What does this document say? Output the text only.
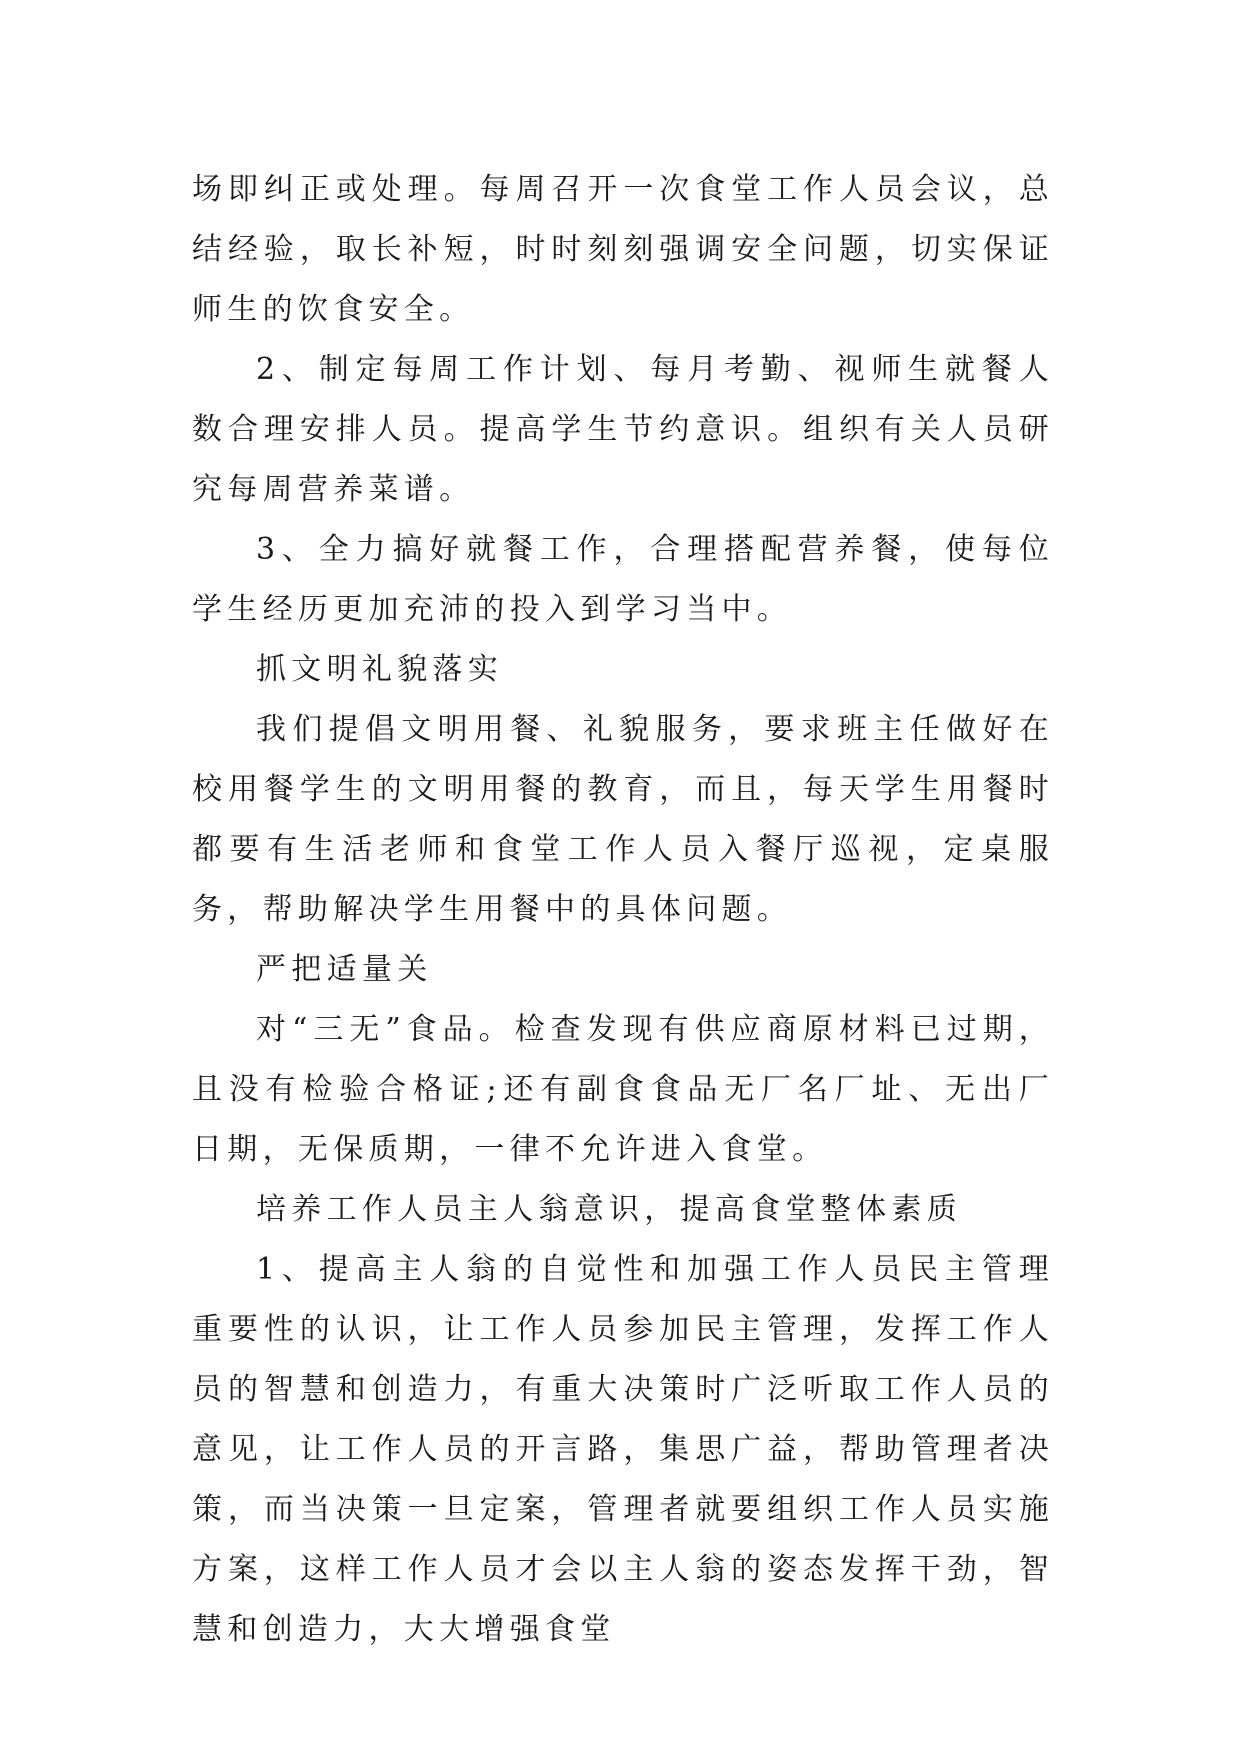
场即纠正或处理。每周召开一次食堂工作人员会议，总结经验，取长补短，时时刻刻强调安全问题，切实保证师生的饮食安全。

2、制定每周工作计划、每月考勤、视师生就餐人数合理安排人员。提高学生节约意识。组织有关人员研究每周营养菜谱。

3、全力搞好就餐工作，合理搭配营养餐，使每位学生经历更加充沛的投入到学习当中。

抓文明礼貌落实

我们提倡文明用餐、礼貌服务，要求班主任做好在校用餐学生的文明用餐的教育，而且，每天学生用餐时都要有生活老师和食堂工作人员入餐厅巡视，定桌服务，帮助解决学生用餐中的具体问题。

严把适量关

对“三无”食品。检查发现有供应商原材料已过期，且没有检验合格证;还有副食食品无厂名厂址、无出厂日期，无保质期，一律不允许进入食堂。

培养工作人员主人翁意识，提高食堂整体素质

1、提高主人翁的自觉性和加强工作人员民主管理重要性的认识，让工作人员参加民主管理，发挥工作人员的智慧和创造力，有重大决策时广泛听取工作人员的意见，让工作人员的开言路，集思广益，帮助管理者决策，而当决策一旦定案，管理者就要组织工作人员实施方案，这样工作人员才会以主人翁的姿态发挥干劲，智慧和创造力，大大增强食堂
